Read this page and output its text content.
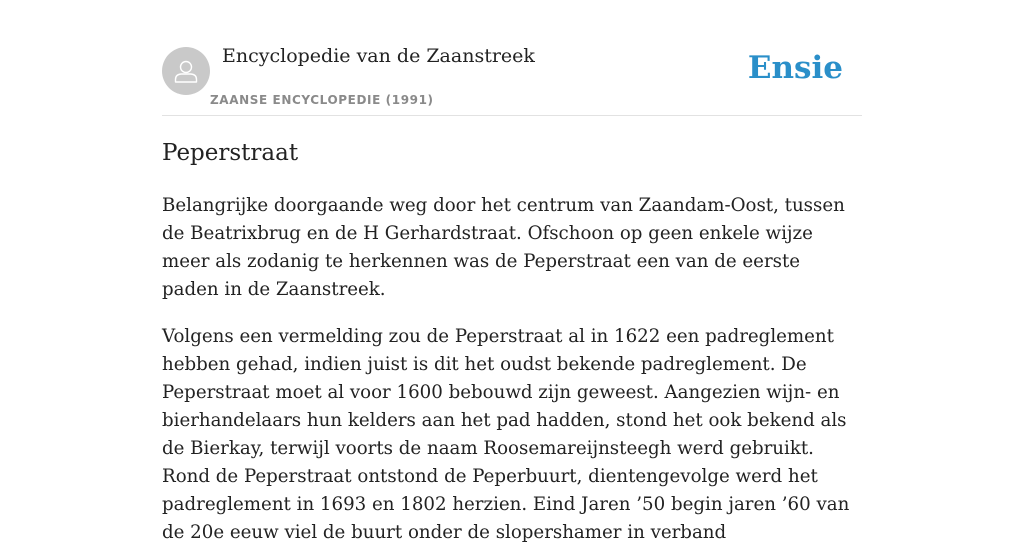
Encyclopedie van de Zaanstreek
ZAANSE ENCYCLOPEDIE (1991)
Ensie
Peperstraat

Belangrijke doorgaande weg door het centrum van Zaandam-Oost, tussen de Beatrixbrug en de H Gerhardstraat. Ofschoon op geen enkele wijze meer als zodanig te herkennen was de Peperstraat een van de eerste paden in de Zaanstreek.

Volgens een vermelding zou de Peperstraat al in 1622 een padreglement hebben gehad, indien juist is dit het oudst bekende padreglement. De Peperstraat moet al voor 1600 bebouwd zijn geweest. Aangezien wijn- en bierhandelaars hun kelders aan het pad hadden, stond het ook bekend als de Bierkay, terwijl voorts de naam Roosemareijnsteegh werd gebruikt. Rond de Peperstraat ontstond de Peperbuurt, dientengevolge werd het padreglement in 1693 en 1802 herzien. Eind Jaren ’50 begin jaren ’60 van de 20e eeuw viel de buurt onder de slopershamer in verband
